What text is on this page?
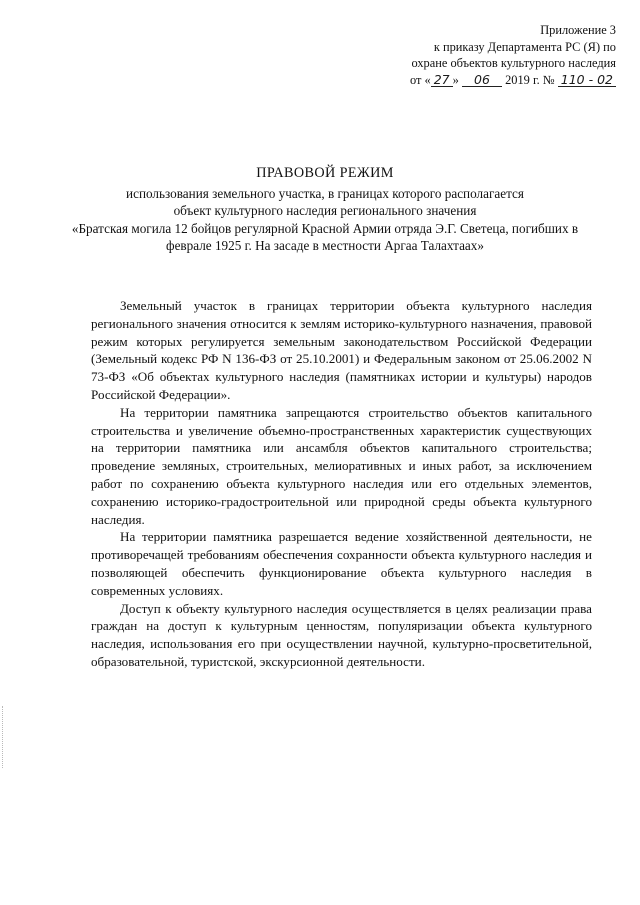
Приложение 3
к приказу Департамента РС (Я) по
охране объектов культурного наследия
от « 27 » 06 2019 г. № 110 - 02
ПРАВОВОЙ РЕЖИМ
использования земельного участка, в границах которого располагается
объект культурного наследия регионального значения
«Братская могила 12 бойцов регулярной Красной Армии отряда Э.Г. Светеца, погибших в феврале 1925 г. На засаде в местности Аргаа Талахтаах»

Земельный участок в границах территории объекта культурного наследия регионального значения относится к землям историко-культурного назначения, правовой режим которых регулируется земельным законодательством Российской Федерации (Земельный кодекс РФ N 136-ФЗ от 25.10.2001) и Федеральным законом от 25.06.2002 N 73-ФЗ «Об объектах культурного наследия (памятниках истории и культуры) народов Российской Федерации».

На территории памятника запрещаются строительство объектов капитального строительства и увеличение объемно-пространственных характеристик существующих на территории памятника или ансамбля объектов капитального строительства; проведение земляных, строительных, мелиоративных и иных работ, за исключением работ по сохранению объекта культурного наследия или его отдельных элементов, сохранению историко-градостроительной или природной среды объекта культурного наследия.

На территории памятника разрешается ведение хозяйственной деятельности, не противоречащей требованиям обеспечения сохранности объекта культурного наследия и позволяющей обеспечить функционирование объекта культурного наследия в современных условиях.

Доступ к объекту культурного наследия осуществляется в целях реализации права граждан на доступ к культурным ценностям, популяризации объекта культурного наследия, использования его при осуществлении научной, культурно-просветительной, образовательной, туристской, экскурсионной деятельности.
